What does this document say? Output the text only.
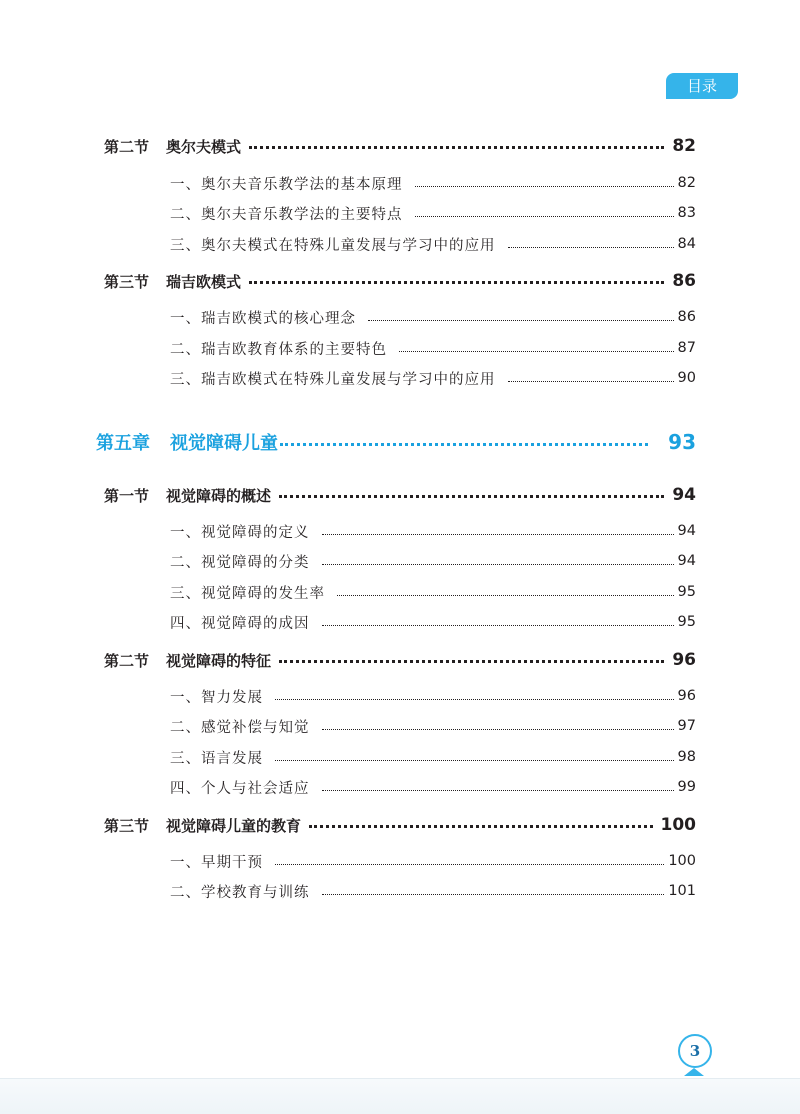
目录
第二节	奥尔夫模式	82
一、奥尔夫音乐教学法的基本原理	82
二、奥尔夫音乐教学法的主要特点	83
三、奥尔夫模式在特殊儿童发展与学习中的应用	84
第三节	瑞吉欧模式	86
一、瑞吉欧模式的核心理念	86
二、瑞吉欧教育体系的主要特色	87
三、瑞吉欧模式在特殊儿童发展与学习中的应用	90
第五章	视觉障碍儿童	93
第一节	视觉障碍的概述	94
一、视觉障碍的定义	94
二、视觉障碍的分类	94
三、视觉障碍的发生率	95
四、视觉障碍的成因	95
第二节	视觉障碍的特征	96
一、智力发展	96
二、感觉补偿与知觉	97
三、语言发展	98
四、个人与社会适应	99
第三节	视觉障碍儿童的教育	100
一、早期干预	100
二、学校教育与训练	101
3
